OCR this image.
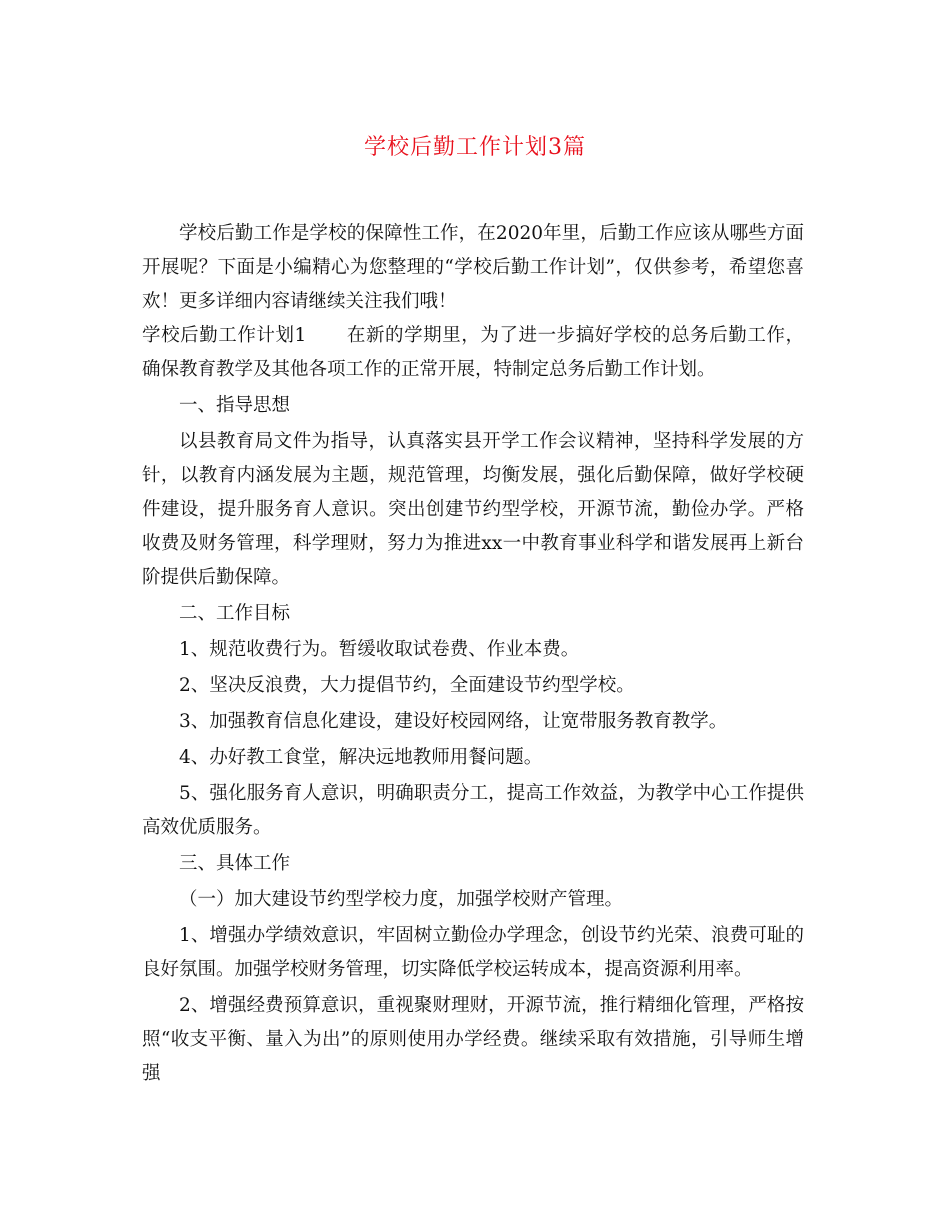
学校后勤工作计划3篇

学校后勤工作是学校的保障性工作，在2020年里，后勤工作应该从哪些方面开展呢？下面是小编精心为您整理的“学校后勤工作计划”，仅供参考，希望您喜欢！更多详细内容请继续关注我们哦！

学校后勤工作计划1 在新的学期里，为了进一步搞好学校的总务后勤工作，确保教育教学及其他各项工作的正常开展，特制定总务后勤工作计划。

一、指导思想

以县教育局文件为指导，认真落实县开学工作会议精神，坚持科学发展的方针，以教育内涵发展为主题，规范管理，均衡发展，强化后勤保障，做好学校硬件建设，提升服务育人意识。突出创建节约型学校，开源节流，勤俭办学。严格收费及财务管理，科学理财，努力为推进xx一中教育事业科学和谐发展再上新台阶提供后勤保障。

二、工作目标

1、规范收费行为。暂缓收取试卷费、作业本费。

2、坚决反浪费，大力提倡节约，全面建设节约型学校。

3、加强教育信息化建设，建设好校园网络，让宽带服务教育教学。

4、办好教工食堂，解决远地教师用餐问题。

5、强化服务育人意识，明确职责分工，提高工作效益，为教学中心工作提供高效优质服务。

三、具体工作

（一）加大建设节约型学校力度，加强学校财产管理。

1、增强办学绩效意识，牢固树立勤俭办学理念，创设节约光荣、浪费可耻的良好氛围。加强学校财务管理，切实降低学校运转成本，提高资源利用率。

2、增强经费预算意识，重视聚财理财，开源节流，推行精细化管理，严格按照“收支平衡、量入为出”的原则使用办学经费。继续采取有效措施，引导师生增强
